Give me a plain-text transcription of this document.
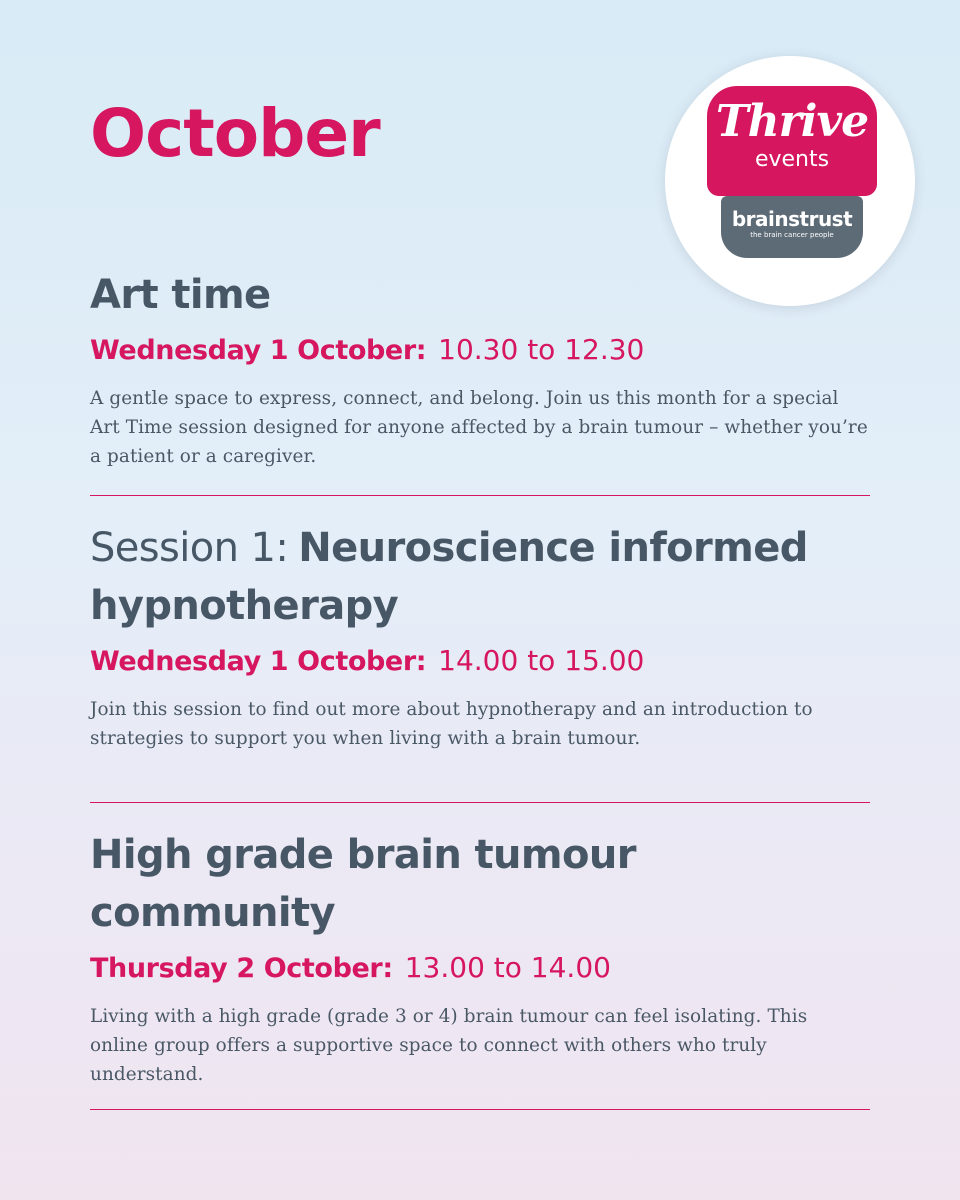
October	Thrive
events
brainstrust
the brain cancer people
Art time
Wednesday 1 October: 10.30 to 12.30

A gentle space to express, connect, and belong. Join us this month for a special Art Time session designed for anyone affected by a brain tumour – whether you’re a patient or a caregiver.

Session 1: Neuroscience informed hypnotherapy
Wednesday 1 October: 14.00 to 15.00

Join this session to find out more about hypnotherapy and an introduction to strategies to support you when living with a brain tumour.

High grade brain tumour community
Thursday 2 October: 13.00 to 14.00

Living with a high grade (grade 3 or 4) brain tumour can feel isolating. This online group offers a supportive space to connect with others who truly understand.
